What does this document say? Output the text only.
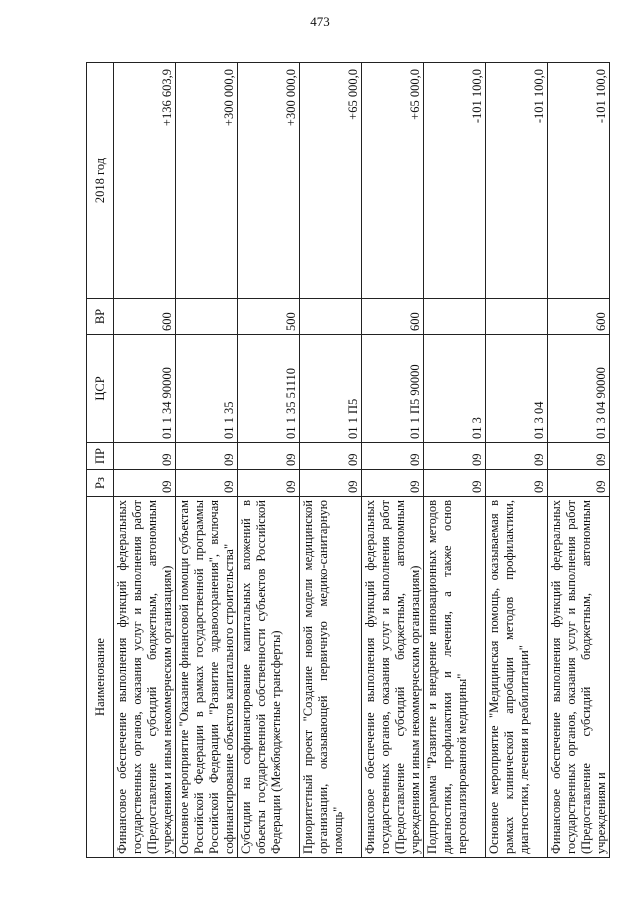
473
Наименование	Рз	ПР	ЦСР	ВР	2018 год
Финансовое обеспечение выполнения функций федеральных государственных органов, оказания услуг и выполнения работ (Предоставление субсидий бюджетным, автономным учреждениям и иным некоммерческим организациям)	09	09	01 1 34 90000	600	+136 603,9
Основное мероприятие "Оказание финансовой помощи субъектам Российской Федерации в рамках государственной программы Российской Федерации "Развитие здравоохранения", включая софинансирование объектов капитального строительства"	09	09	01 1 35		+300 000,0
Субсидии на софинансирование капитальных вложений в объекты государственной собственности субъектов Российской Федерации (Межбюджетные трансферты)	09	09	01 1 35 51110	500	+300 000,0
Приоритетный проект "Создание новой модели медицинской организации, оказывающей первичную медико-санитарную помощь"	09	09	01 1 П5		+65 000,0
Финансовое обеспечение выполнения функций федеральных государственных органов, оказания услуг и выполнения работ (Предоставление субсидий бюджетным, автономным учреждениям и иным некоммерческим организациям)	09	09	01 1 П5 90000	600	+65 000,0
Подпрограмма "Развитие и внедрение инновационных методов диагностики, профилактики и лечения, а также основ персонализированной медицины"	09	09	01 3		-101 100,0
Основное мероприятие "Медицинская помощь, оказываемая в рамках клинической апробации методов профилактики, диагностики, лечения и реабилитации"	09	09	01 3 04		-101 100,0
Финансовое обеспечение выполнения функций федеральных государственных органов, оказания услуг и выполнения работ (Предоставление субсидий бюджетным, автономным учреждениям и	09	09	01 3 04 90000	600	-101 100,0
